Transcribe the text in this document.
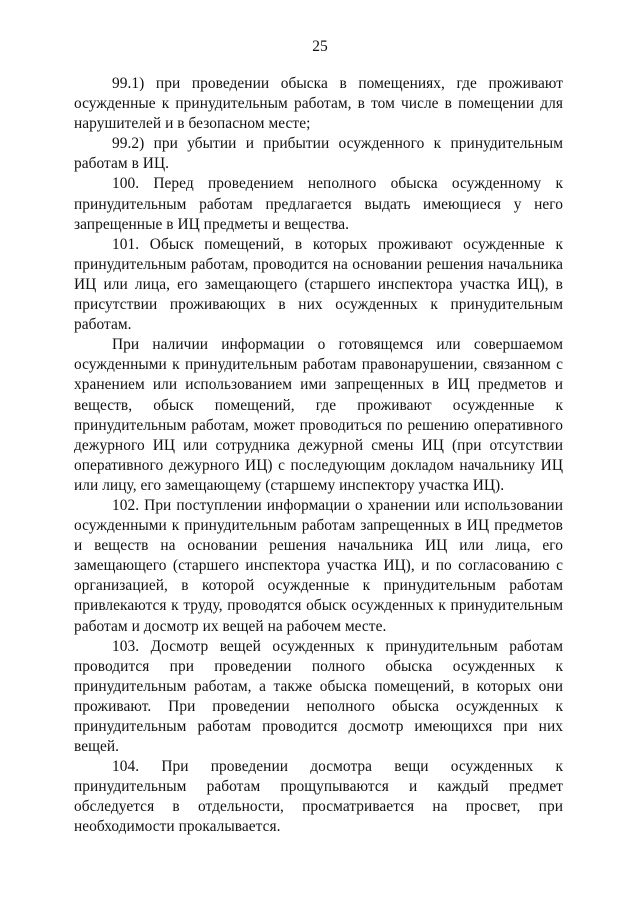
25

99.1) при проведении обыска в помещениях, где проживают осужденные к принудительным работам, в том числе в помещении для нарушителей и в безопасном месте;

99.2) при убытии и прибытии осужденного к принудительным работам в ИЦ.

100. Перед проведением неполного обыска осужденному к принудительным работам предлагается выдать имеющиеся у него запрещенные в ИЦ предметы и вещества.

101. Обыск помещений, в которых проживают осужденные к принудительным работам, проводится на основании решения начальника ИЦ или лица, его замещающего (старшего инспектора участка ИЦ), в присутствии проживающих в них осужденных к принудительным работам.

При наличии информации о готовящемся или совершаемом осужденными к принудительным работам правонарушении, связанном с хранением или использованием ими запрещенных в ИЦ предметов и веществ, обыск помещений, где проживают осужденные к принудительным работам, может проводиться по решению оперативного дежурного ИЦ или сотрудника дежурной смены ИЦ (при отсутствии оперативного дежурного ИЦ) с последующим докладом начальнику ИЦ или лицу, его замещающему (старшему инспектору участка ИЦ).

102. При поступлении информации о хранении или использовании осужденными к принудительным работам запрещенных в ИЦ предметов и веществ на основании решения начальника ИЦ или лица, его замещающего (старшего инспектора участка ИЦ), и по согласованию с организацией, в которой осужденные к принудительным работам привлекаются к труду, проводятся обыск осужденных к принудительным работам и досмотр их вещей на рабочем месте.

103. Досмотр вещей осужденных к принудительным работам проводится при проведении полного обыска осужденных к принудительным работам, а также обыска помещений, в которых они проживают. При проведении неполного обыска осужденных к принудительным работам проводится досмотр имеющихся при них вещей.

104. При проведении досмотра вещи осужденных к принудительным работам прощупываются и каждый предмет обследуется в отдельности, просматривается на просвет, при необходимости прокалывается.
